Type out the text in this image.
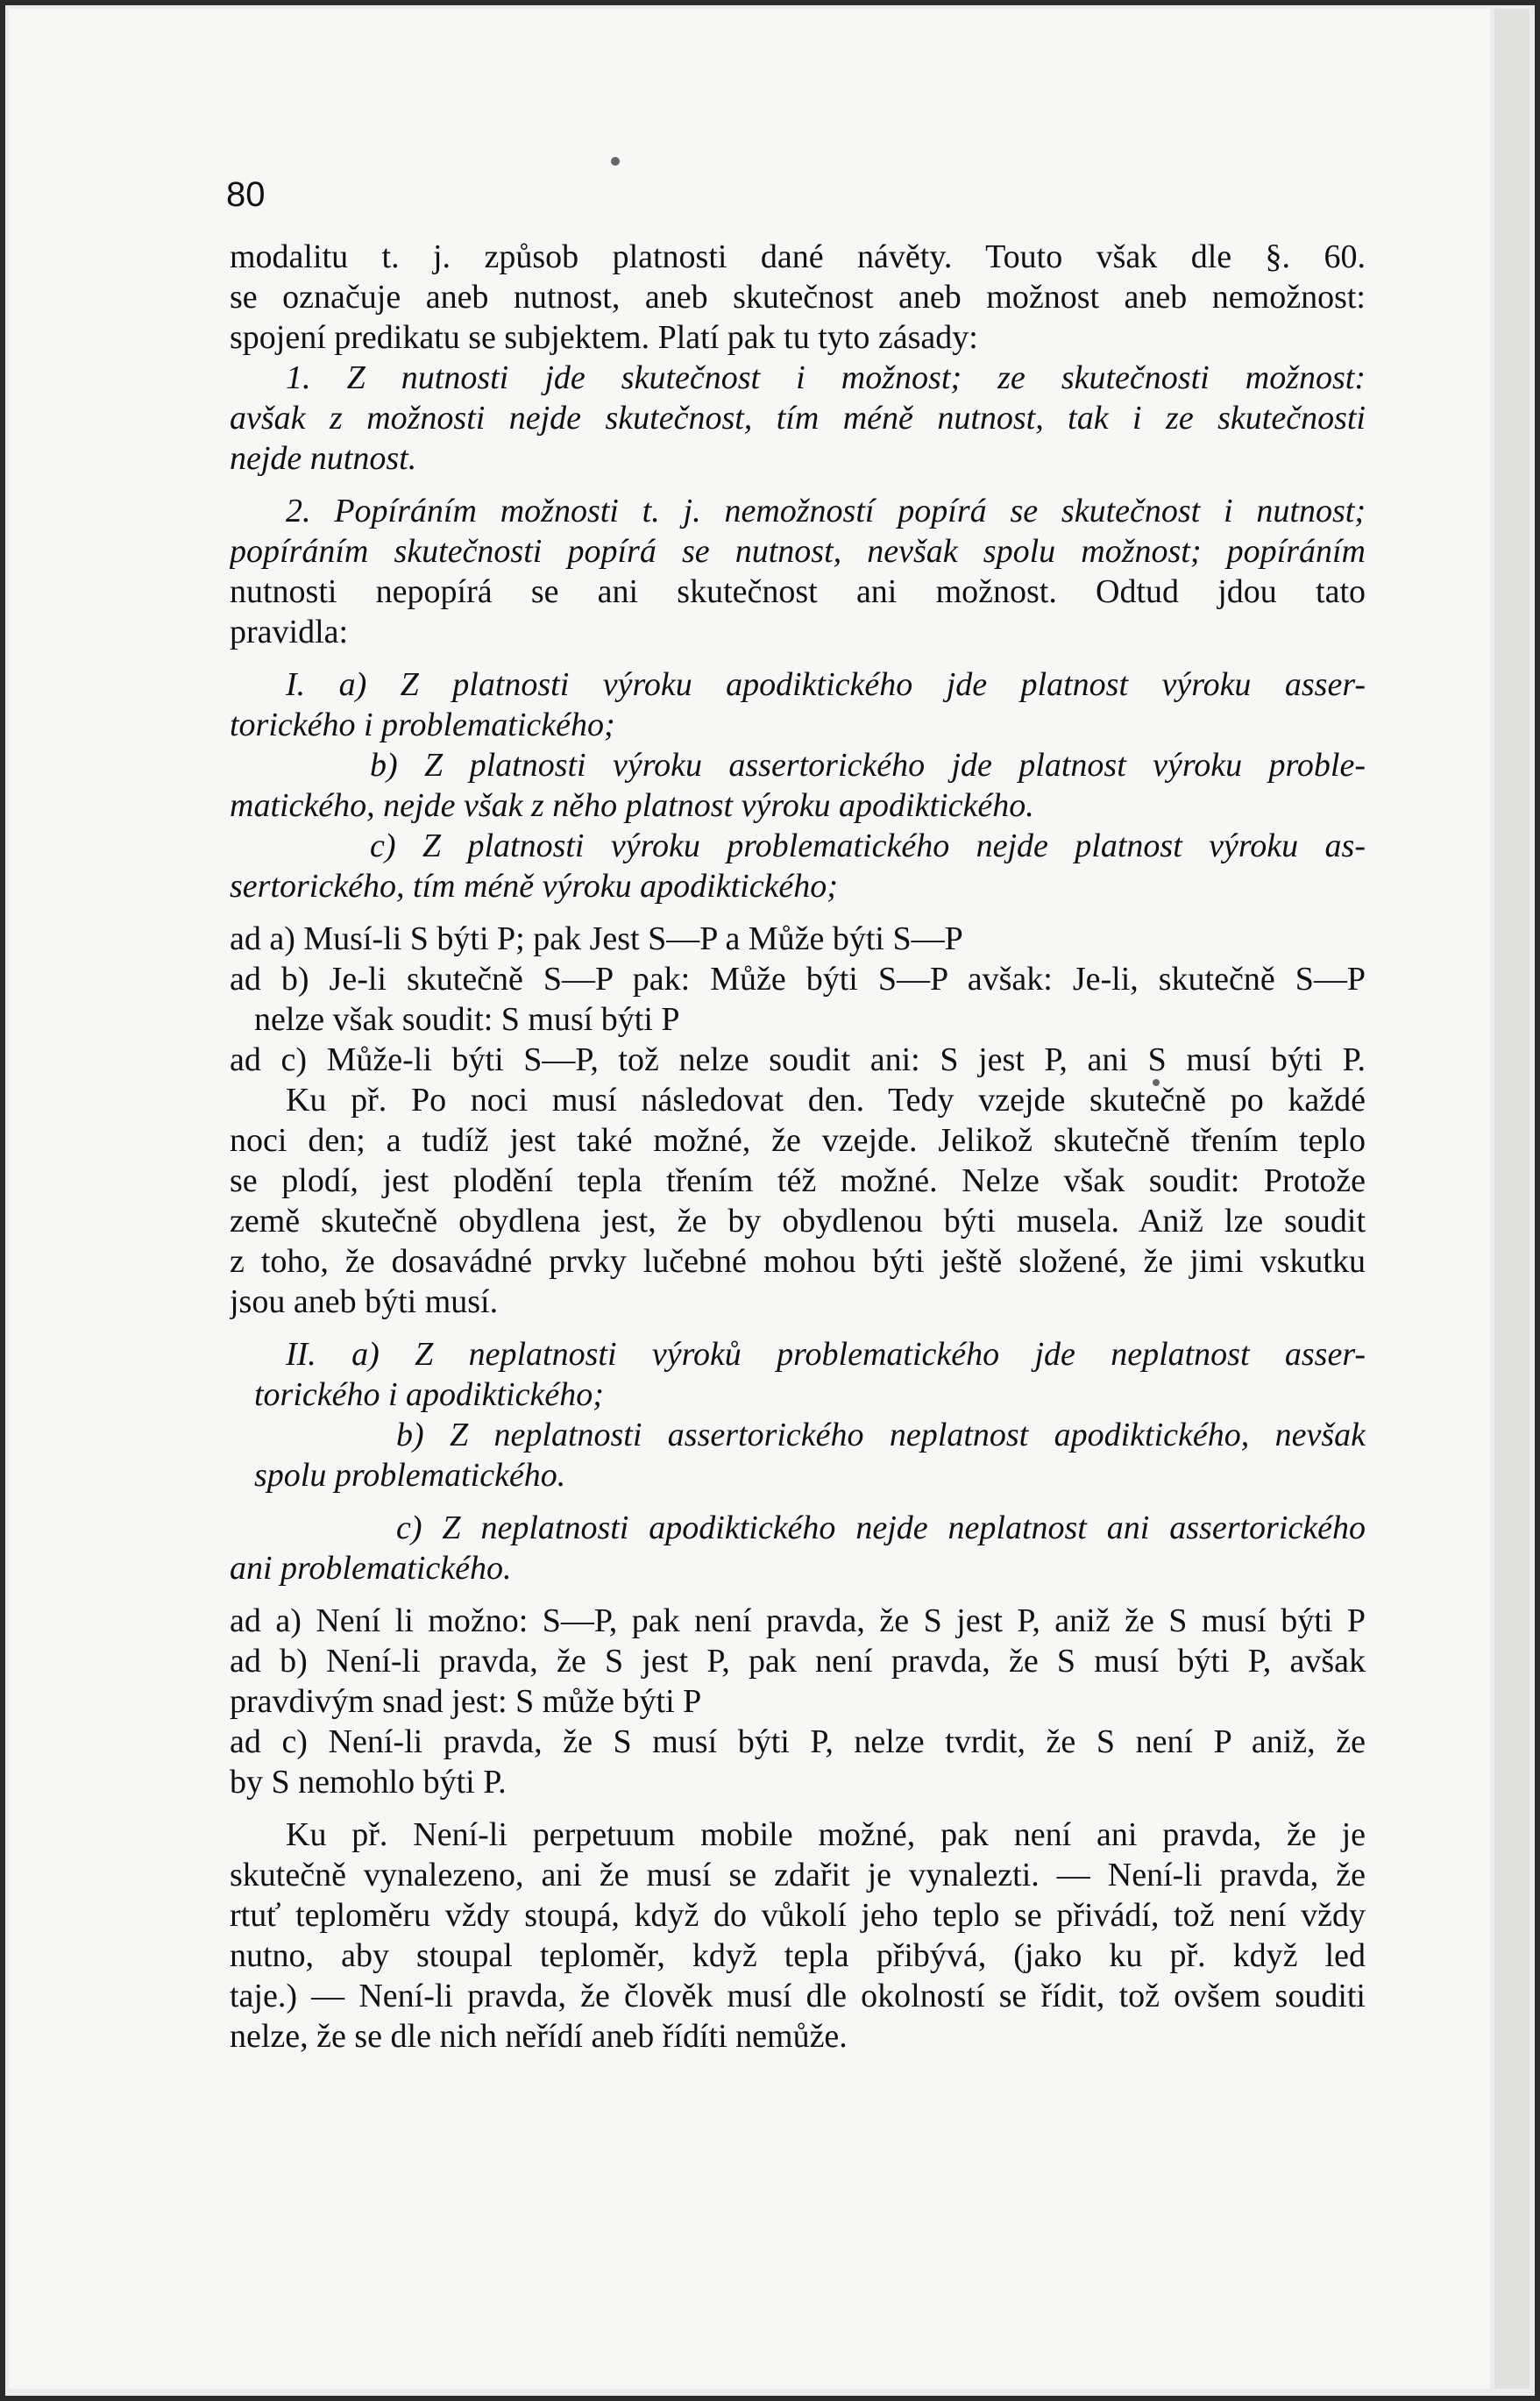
80
modalitu t. j. způsob platnosti dané návěty. Touto však dle §. 60.
se označuje aneb nutnost, aneb skutečnost aneb možnost aneb nemožnost:
spojení predikatu se subjektem. Platí pak tu tyto zásady:
1. Z nutnosti jde skutečnost i možnost; ze skutečnosti možnost:
avšak z možnosti nejde skutečnost, tím méně nutnost, tak i ze skutečnosti
nejde nutnost.
2. Popíráním možnosti t. j. nemožností popírá se skutečnost i nutnost;
popíráním skutečnosti popírá se nutnost, nevšak spolu možnost; popíráním
nutnosti nepopírá se ani skutečnost ani možnost. Odtud jdou tato
pravidla:
I. a) Z platnosti výroku apodiktického jde platnost výroku asser-
torického i problematického;
b) Z platnosti výroku assertorického jde platnost výroku proble-
matického, nejde však z něho platnost výroku apodiktického.
c) Z platnosti výroku problematického nejde platnost výroku as-
sertorického, tím méně výroku apodiktického;
ad a) Musí-li S býti P; pak Jest S—P a Může býti S—P
ad b) Je-li skutečně S—P pak: Může býti S—P avšak: Je-li, skutečně S—P
nelze však soudit: S musí býti P
ad c) Může-li býti S—P, tož nelze soudit ani: S jest P, ani S musí býti P.
Ku př. Po noci musí následovat den. Tedy vzejde skutečně po každé
noci den; a tudíž jest také možné, že vzejde. Jelikož skutečně třením teplo
se plodí, jest plodění tepla třením též možné. Nelze však soudit: Protože
země skutečně obydlena jest, že by obydlenou býti musela. Aniž lze soudit
z toho, že dosavádné prvky lučebné mohou býti ještě složené, že jimi vskutku
jsou aneb býti musí.
II. a) Z neplatnosti výroků problematického jde neplatnost asser-
torického i apodiktického;
b) Z neplatnosti assertorického neplatnost apodiktického, nevšak
spolu problematického.
c) Z neplatnosti apodiktického nejde neplatnost ani assertorického
ani problematického.
ad a) Není li možno: S—P, pak není pravda, že S jest P, aniž že S musí býti P
ad b) Není-li pravda, že S jest P, pak není pravda, že S musí býti P, avšak
pravdivým snad jest: S může býti P
ad c) Není-li pravda, že S musí býti P, nelze tvrdit, že S není P aniž, že
by S nemohlo býti P.
Ku př. Není-li perpetuum mobile možné, pak není ani pravda, že je
skutečně vynalezeno, ani že musí se zdařit je vynalezti. — Není-li pravda, že
rtuť teploměru vždy stoupá, když do vůkolí jeho teplo se přivádí, tož není vždy
nutno, aby stoupal teploměr, když tepla přibývá, (jako ku př. když led
taje.) — Není-li pravda, že člověk musí dle okolností se řídit, tož ovšem souditi
nelze, že se dle nich neřídí aneb řídíti nemůže.
